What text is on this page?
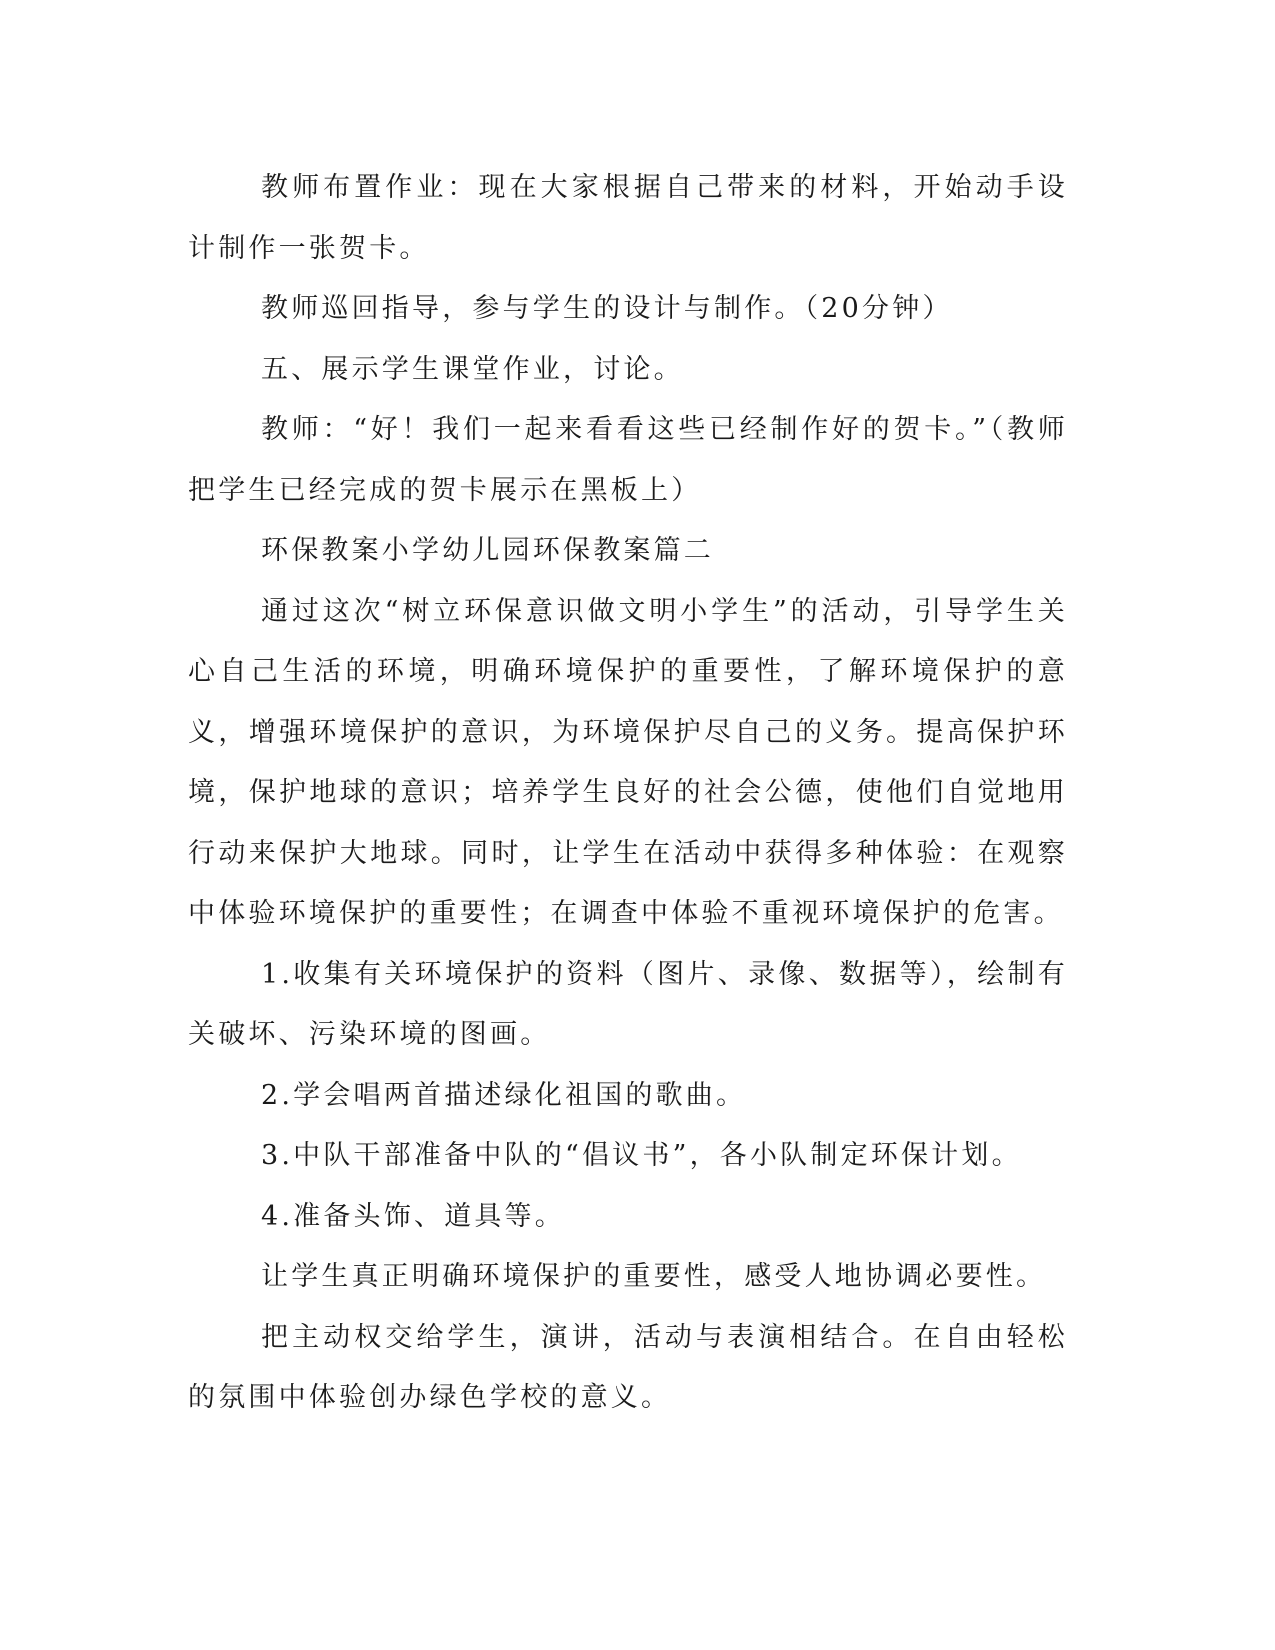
教师布置作业：现在大家根据自己带来的材料，开始动手设计制作一张贺卡。

教师巡回指导，参与学生的设计与制作。（20分钟）

五、展示学生课堂作业，讨论。

教师：“好！我们一起来看看这些已经制作好的贺卡。”（教师把学生已经完成的贺卡展示在黑板上）

环保教案小学幼儿园环保教案篇二

通过这次“树立环保意识做文明小学生”的活动，引导学生关心自己生活的环境，明确环境保护的重要性，了解环境保护的意义，增强环境保护的意识，为环境保护尽自己的义务。提高保护环境，保护地球的意识；培养学生良好的社会公德，使他们自觉地用行动来保护大地球。同时，让学生在活动中获得多种体验：在观察中体验环境保护的重要性；在调查中体验不重视环境保护的危害。

1.收集有关环境保护的资料（图片、录像、数据等），绘制有关破坏、污染环境的图画。

2.学会唱两首描述绿化祖国的歌曲。

3.中队干部准备中队的“倡议书”，各小队制定环保计划。

4.准备头饰、道具等。

让学生真正明确环境保护的重要性，感受人地协调必要性。

把主动权交给学生，演讲，活动与表演相结合。在自由轻松的氛围中体验创办绿色学校的意义。
